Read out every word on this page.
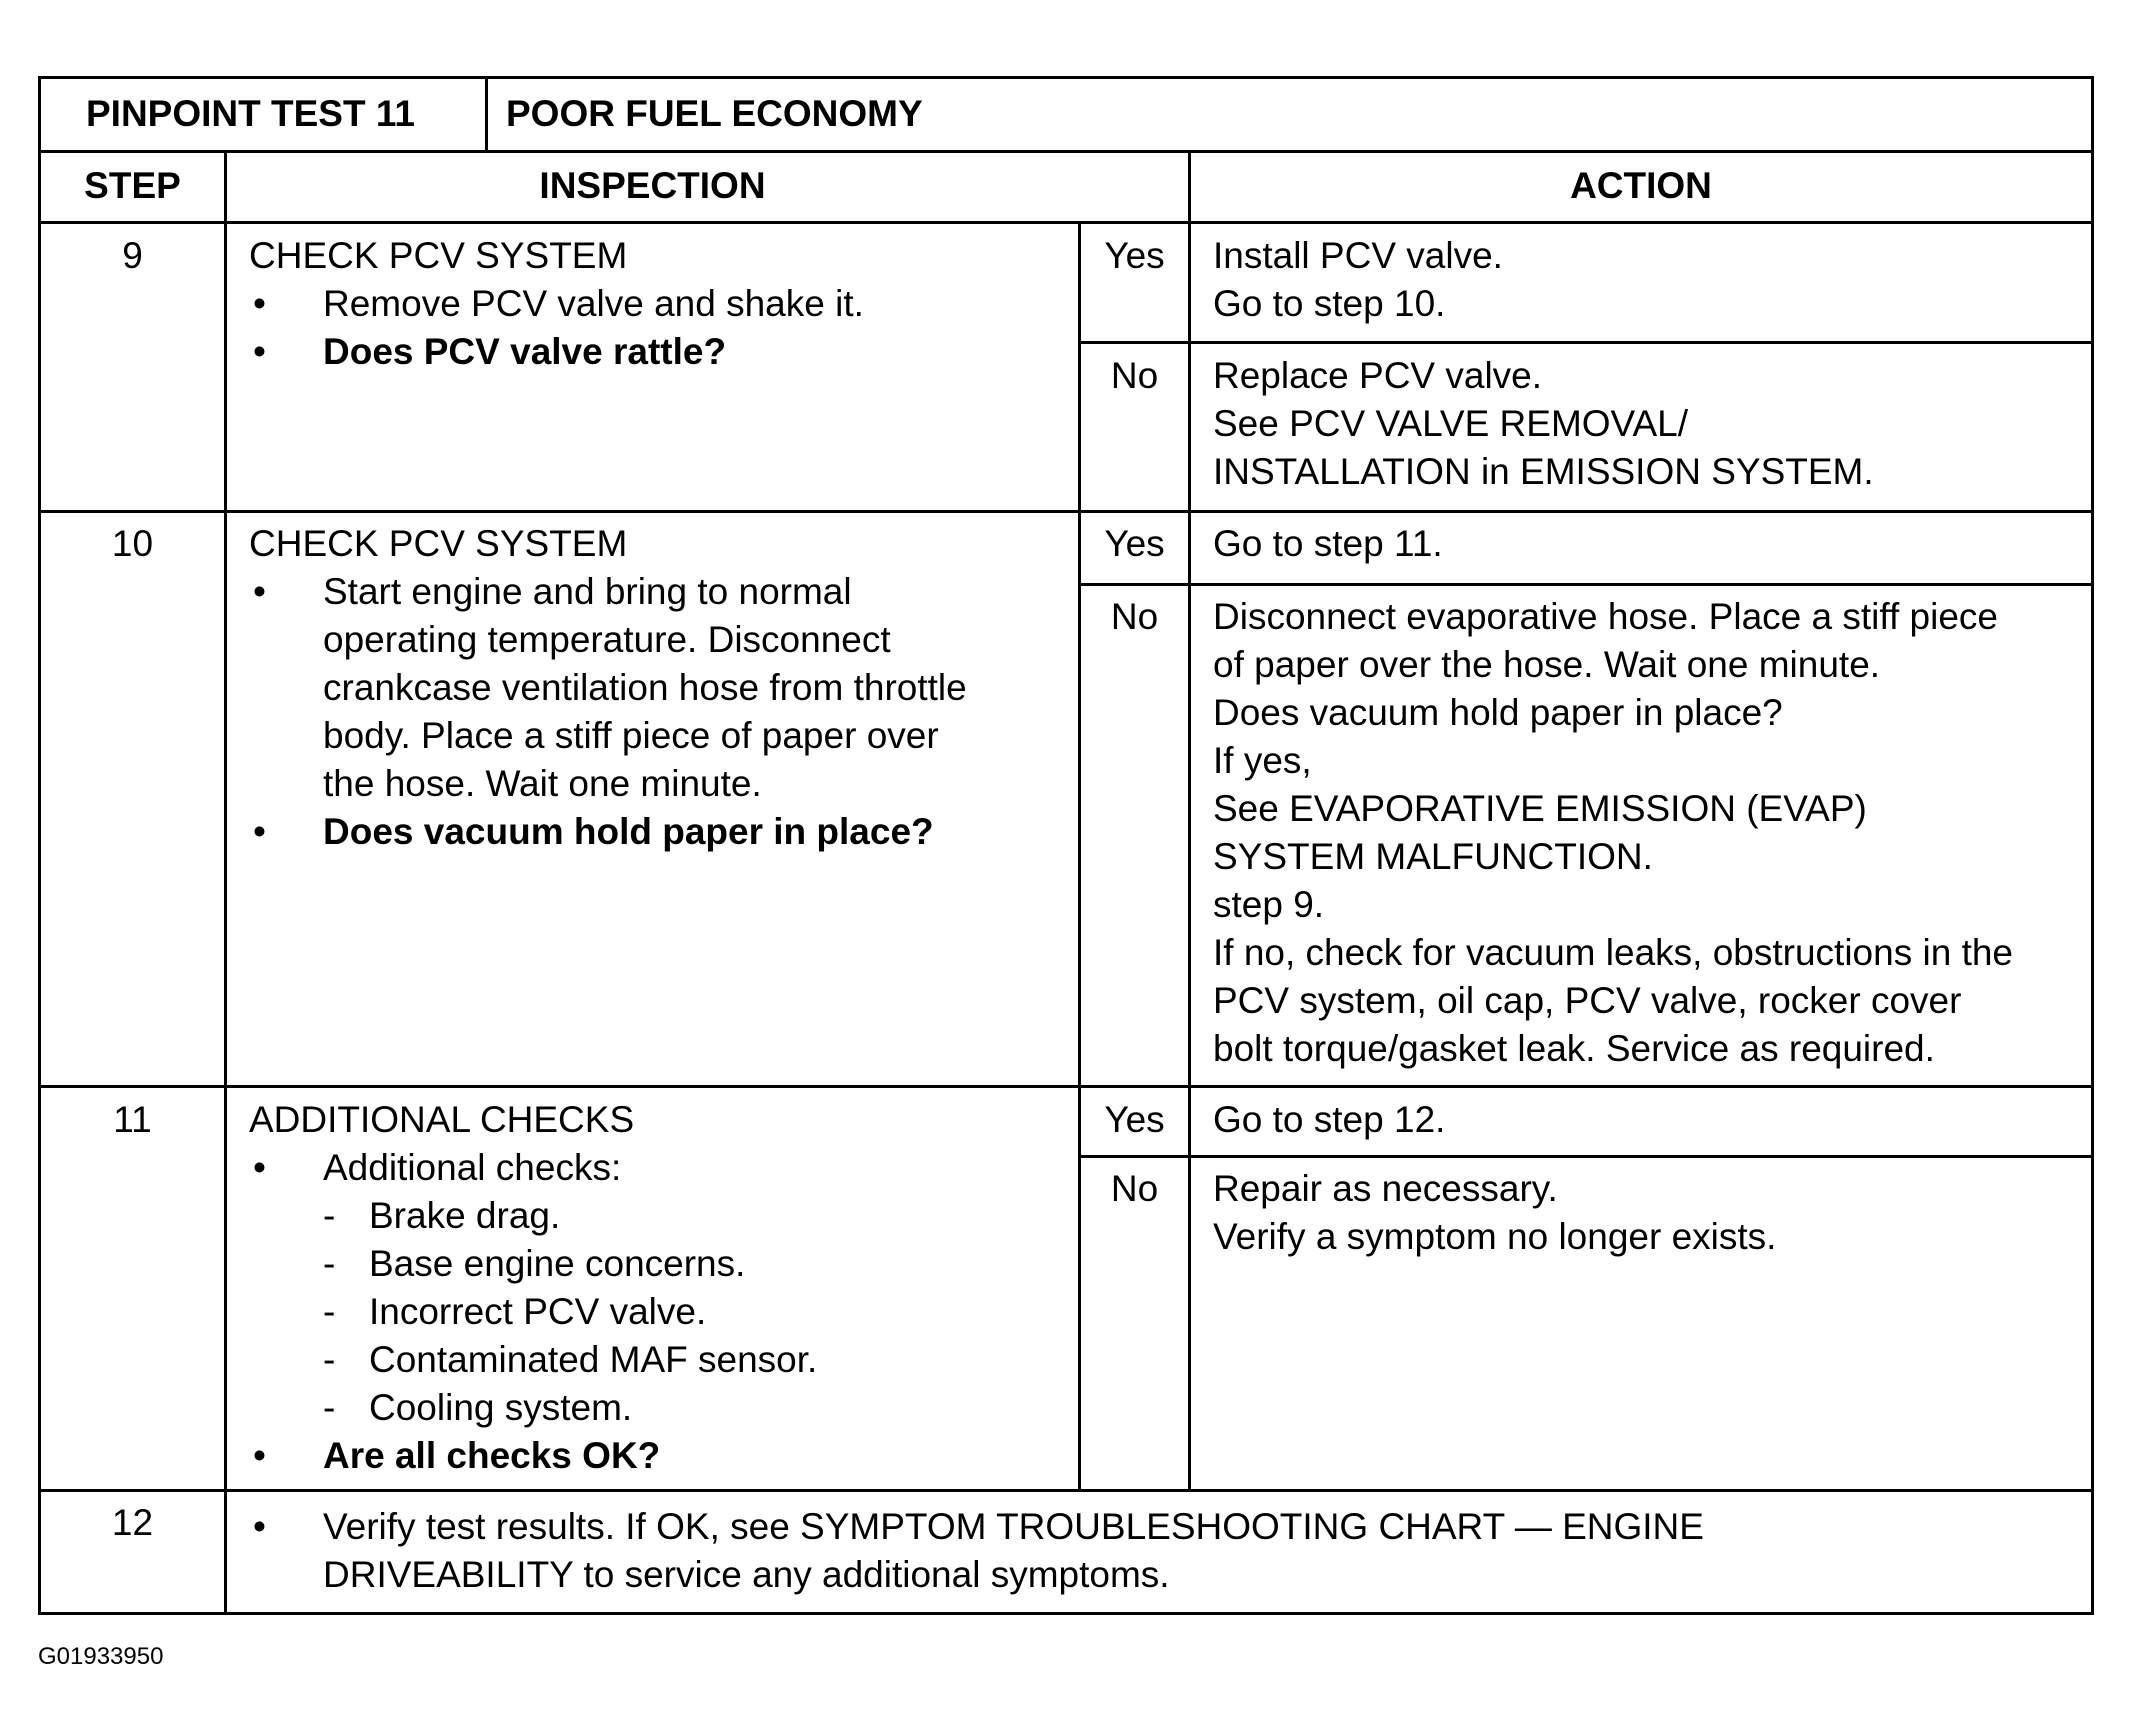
PINPOINT TEST 11 POOR FUEL ECONOMY
STEP	INSPECTION	ACTION
9	CHECK PCV SYSTEM
• Remove PCV valve and shake it.
• Does PCV valve rattle?
Yes	Install PCV valve.
Go to step 10.
No	Replace PCV valve.
See PCV VALVE REMOVAL/
INSTALLATION in EMISSION SYSTEM.
10	CHECK PCV SYSTEM
• Start engine and bring to normal
operating temperature. Disconnect
crankcase ventilation hose from throttle
body. Place a stiff piece of paper over
the hose. Wait one minute.
• Does vacuum hold paper in place?
Yes	Go to step 11.
No	Disconnect evaporative hose. Place a stiff piece
of paper over the hose. Wait one minute.
Does vacuum hold paper in place?
If yes,
See EVAPORATIVE EMISSION (EVAP)
SYSTEM MALFUNCTION.
step 9.
If no, check for vacuum leaks, obstructions in the
PCV system, oil cap, PCV valve, rocker cover
bolt torque/gasket leak. Service as required.
11	ADDITIONAL CHECKS
• Additional checks:
- Brake drag.
- Base engine concerns.
- Incorrect PCV valve.
- Contaminated MAF sensor.
- Cooling system.
• Are all checks OK?
Yes	Go to step 12.
No	Repair as necessary.
Verify a symptom no longer exists.
12	• Verify test results. If OK, see SYMPTOM TROUBLESHOOTING CHART — ENGINE
DRIVEABILITY to service any additional symptoms.
G01933950
